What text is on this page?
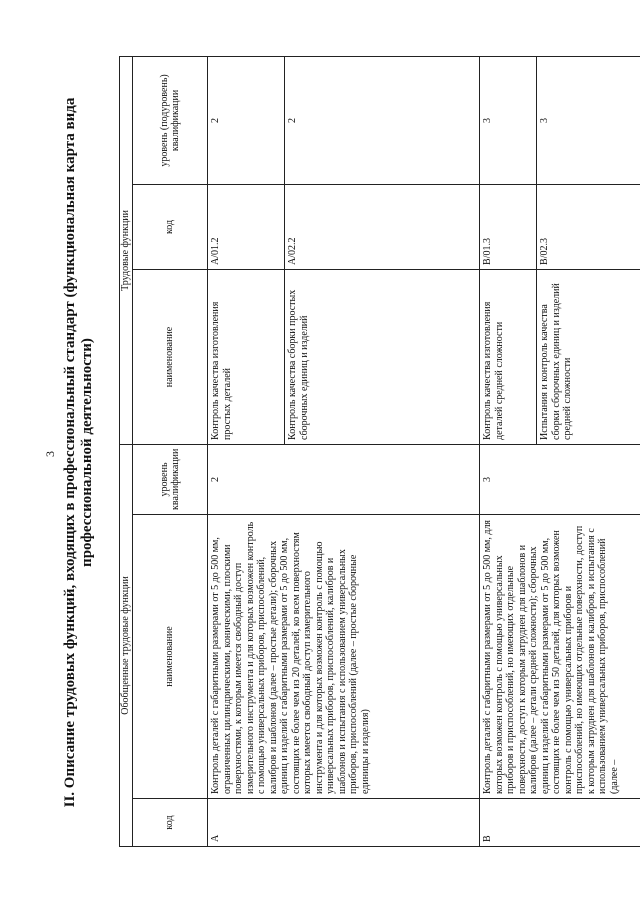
3 II. Описание трудовых функций, входящих в профессиональный стандарт (функциональная карта вида профессиональной деятельности)
Обобщенные трудовые функции			Трудовые функции		
код	наименование	уровень квалификации	наименование	код	уровень (подуровень) квалификации
A	Контроль деталей с габаритными размерами от 5 до 500 мм, ограниченных цилиндрическими, коническими, плоскими поверхностями, к которым имеется свободный доступ измерительного инструмента и для которых возможен контроль с помощью универсальных приборов, приспособлений, калибров и шаблонов (далее – простые детали); сборочных единиц и изделий с габаритными размерами от 5 до 500 мм, состоящих не более чем из 20 деталей, ко всем поверхностям которых имеется свободный доступ измерительного инструмента и для которых возможен контроль с помощью универсальных приборов, приспособлений, калибров и шаблонов и испытания с использованием универсальных приборов, приспособлений (далее – простые сборочные единицы и изделия)	2	Контроль качества изготовления простых деталей	A/01.2	2
			Контроль качества сборки простых сборочных единиц и изделий	A/02.2	2
B	Контроль деталей с габаритными размерами от 5 до 500 мм, для которых возможен контроль с помощью универсальных приборов и приспособлений, но имеющих отдельные поверхности, доступ к которым затруднен для шаблонов и калибров (далее – детали средней сложности); сборочных единиц и изделий с габаритными размерами от 5 до 500 мм, состоящих не более чем из 50 деталей, для которых возможен контроль с помощью универсальных приборов и приспособлений, но имеющих отдельные поверхности, доступ к которым затруднен для шаблонов и калибров, и испытания с использованием универсальных приборов, приспособлений (далее –	3	Контроль качества изготовления деталей средней сложности	B/01.3	3
			Испытания и контроль качества сборки сборочных единиц и изделий средней сложности	B/02.3	3
